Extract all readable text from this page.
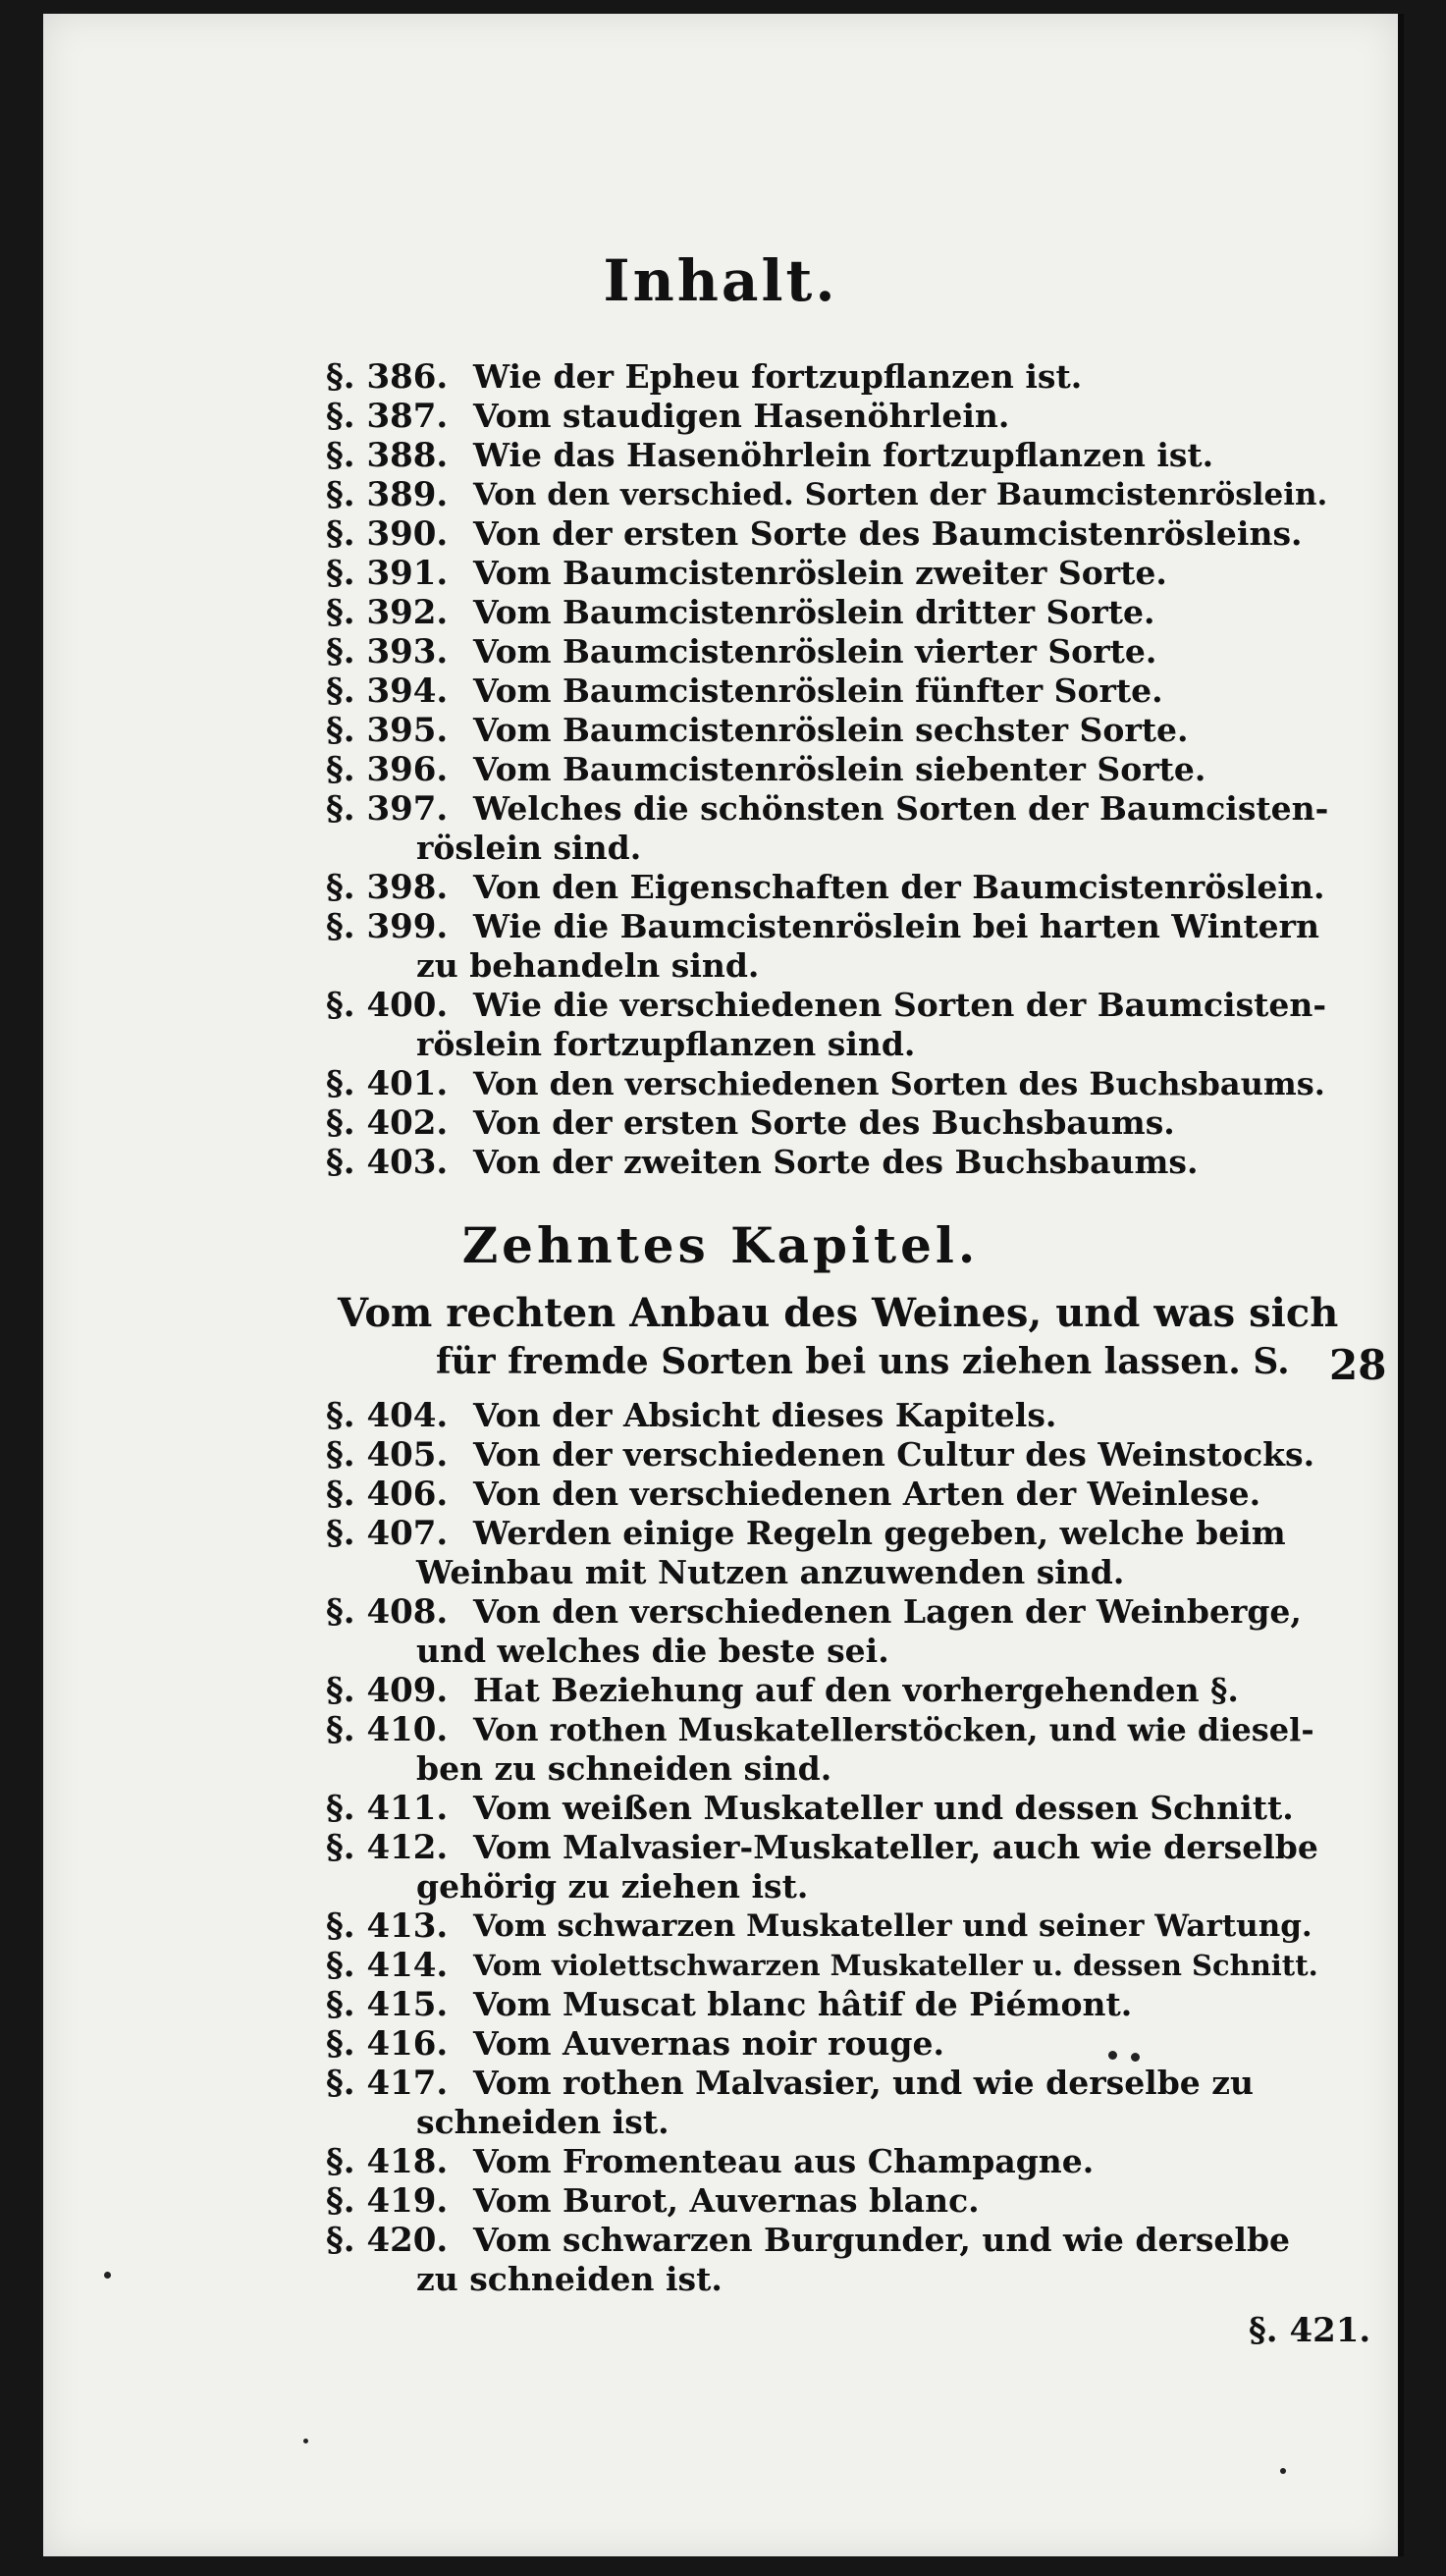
Inhalt.
§. 386. Wie der Epheu fortzupflanzen ist.
§. 387. Vom staudigen Hasenöhrlein.
§. 388. Wie das Hasenöhrlein fortzupflanzen ist.
§. 389. Von den verschied. Sorten der Baumcistenröslein.
§. 390. Von der ersten Sorte des Baumcistenrösleins.
§. 391. Vom Baumcistenröslein zweiter Sorte.
§. 392. Vom Baumcistenröslein dritter Sorte.
§. 393. Vom Baumcistenröslein vierter Sorte.
§. 394. Vom Baumcistenröslein fünfter Sorte.
§. 395. Vom Baumcistenröslein sechster Sorte.
§. 396. Vom Baumcistenröslein siebenter Sorte.
§. 397. Welches die schönsten Sorten der Baumcisten-
röslein sind.
§. 398. Von den Eigenschaften der Baumcistenröslein.
§. 399. Wie die Baumcistenröslein bei harten Wintern
zu behandeln sind.
§. 400. Wie die verschiedenen Sorten der Baumcisten-
röslein fortzupflanzen sind.
§. 401. Von den verschiedenen Sorten des Buchsbaums.
§. 402. Von der ersten Sorte des Buchsbaums.
§. 403. Von der zweiten Sorte des Buchsbaums.
Zehntes Kapitel.
Vom rechten Anbau des Weines, und was sich
für fremde Sorten bei uns ziehen lassen. S. 28
§. 404. Von der Absicht dieses Kapitels.
§. 405. Von der verschiedenen Cultur des Weinstocks.
§. 406. Von den verschiedenen Arten der Weinlese.
§. 407. Werden einige Regeln gegeben, welche beim
Weinbau mit Nutzen anzuwenden sind.
§. 408. Von den verschiedenen Lagen der Weinberge,
und welches die beste sei.
§. 409. Hat Beziehung auf den vorhergehenden §.
§. 410. Von rothen Muskatellerstöcken, und wie diesel-
ben zu schneiden sind.
§. 411. Vom weißen Muskateller und dessen Schnitt.
§. 412. Vom Malvasier-Muskateller, auch wie derselbe
gehörig zu ziehen ist.
§. 413. Vom schwarzen Muskateller und seiner Wartung.
§. 414. Vom violettschwarzen Muskateller u. dessen Schnitt.
§. 415. Vom Muscat blanc hâtif de Piémont.
§. 416. Vom Auvernas noir rouge.
§. 417. Vom rothen Malvasier, und wie derselbe zu
schneiden ist.
§. 418. Vom Fromenteau aus Champagne.
§. 419. Vom Burot, Auvernas blanc.
§. 420. Vom schwarzen Burgunder, und wie derselbe
zu schneiden ist.
§. 421.
